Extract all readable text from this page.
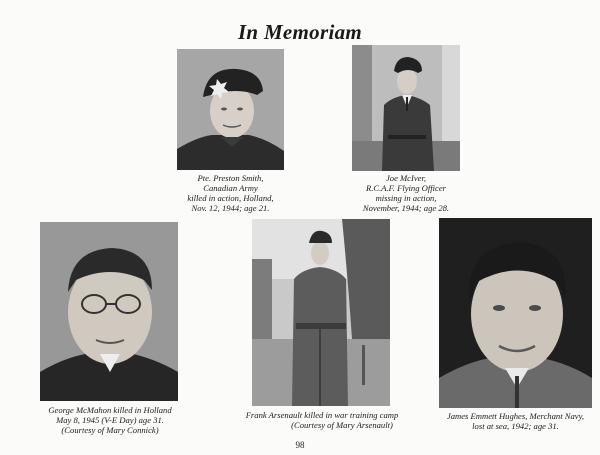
In Memoriam
Pte. Preston Smith,
Canadian Army
killed in action, Holland,
Nov. 12, 1944; age 21.
Joe McIver,
R.C.A.F. Flying Officer
missing in action,
November, 1944; age 28.
George McMahon killed in Holland
May 8, 1945 (V-E Day) age 31.
(Courtesy of Mary Connick)
Frank Arsenault killed in war training camp
(Courtesy of Mary Arsenault)
James Emmett Hughes, Merchant Navy,
lost at sea, 1942; age 31.
98
